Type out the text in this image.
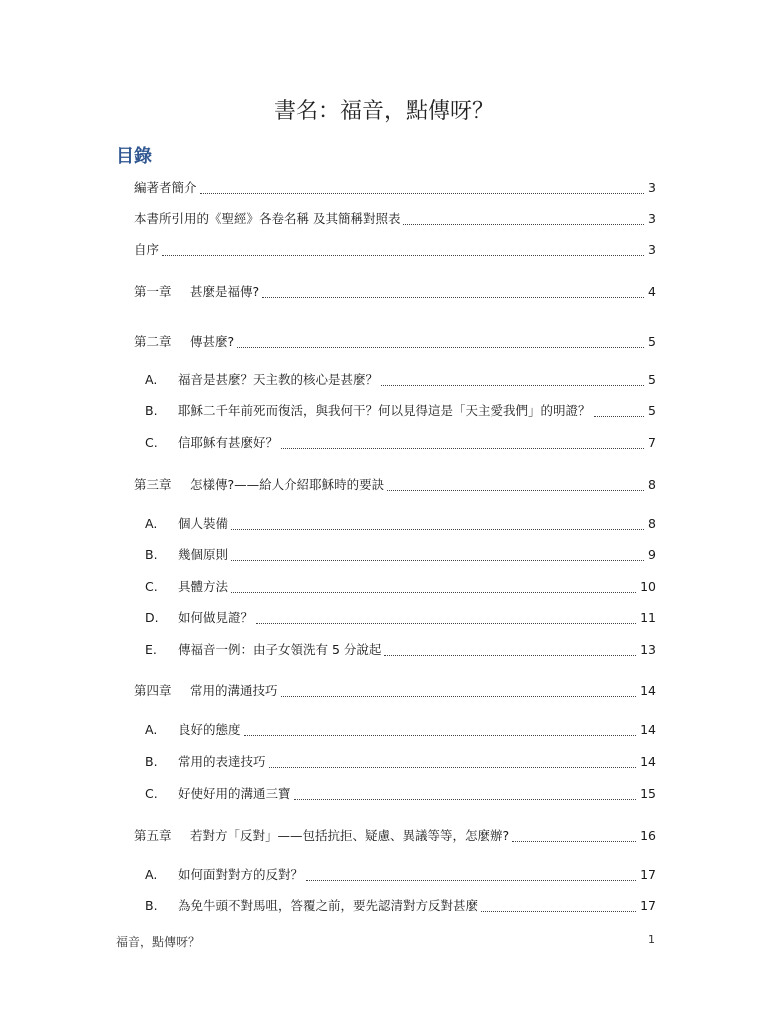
書名：福音，點傳呀？
目錄
編著者簡介	3
本書所引用的《聖經》各卷名稱 及其簡稱對照表	3
自序	3
第一章 甚麼是福傳?	4
第二章 傳甚麼?	5
A. 福音是甚麼？天主教的核心是甚麼？	5
B. 耶穌二千年前死而復活，與我何干？何以見得這是「天主愛我們」的明證？	5
C. 信耶穌有甚麼好？	7
第三章 怎樣傳?——給人介紹耶穌時的要訣	8
A. 個人裝備	8
B. 幾個原則	9
C. 具體方法	10
D. 如何做見證？	11
E. 傳福音一例：由子女領洗有 5 分說起	13
第四章 常用的溝通技巧	14
A. 良好的態度	14
B. 常用的表達技巧	14
C. 好使好用的溝通三寶	15
第五章 若對方「反對」——包括抗拒、疑慮、異議等等，怎麼辦?	16
A. 如何面對對方的反對？	17
B. 為免牛頭不對馬咀，答覆之前，要先認清對方反對甚麼	17
福音，點傳呀？	1
